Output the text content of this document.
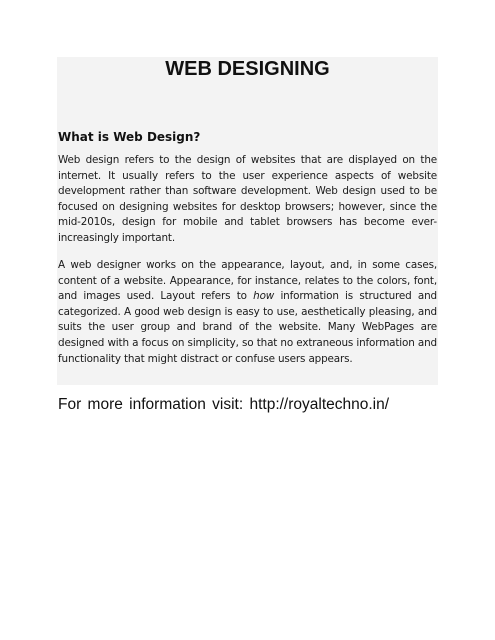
WEB DESIGNING
What is Web Design?

Web design refers to the design of websites that are displayed on the internet. It usually refers to the user experience aspects of website development rather than software development. Web design used to be focused on designing websites for desktop browsers; however, since the mid-2010s, design for mobile and tablet browsers has become ever-increasingly important.

A web designer works on the appearance, layout, and, in some cases, content of a website. Appearance, for instance, relates to the colors, font, and images used. Layout refers to how information is structured and categorized. A good web design is easy to use, aesthetically pleasing, and suits the user group and brand of the website. Many WebPages are designed with a focus on simplicity, so that no extraneous information and functionality that might distract or confuse users appears.

For more information visit: http://royaltechno.in/
